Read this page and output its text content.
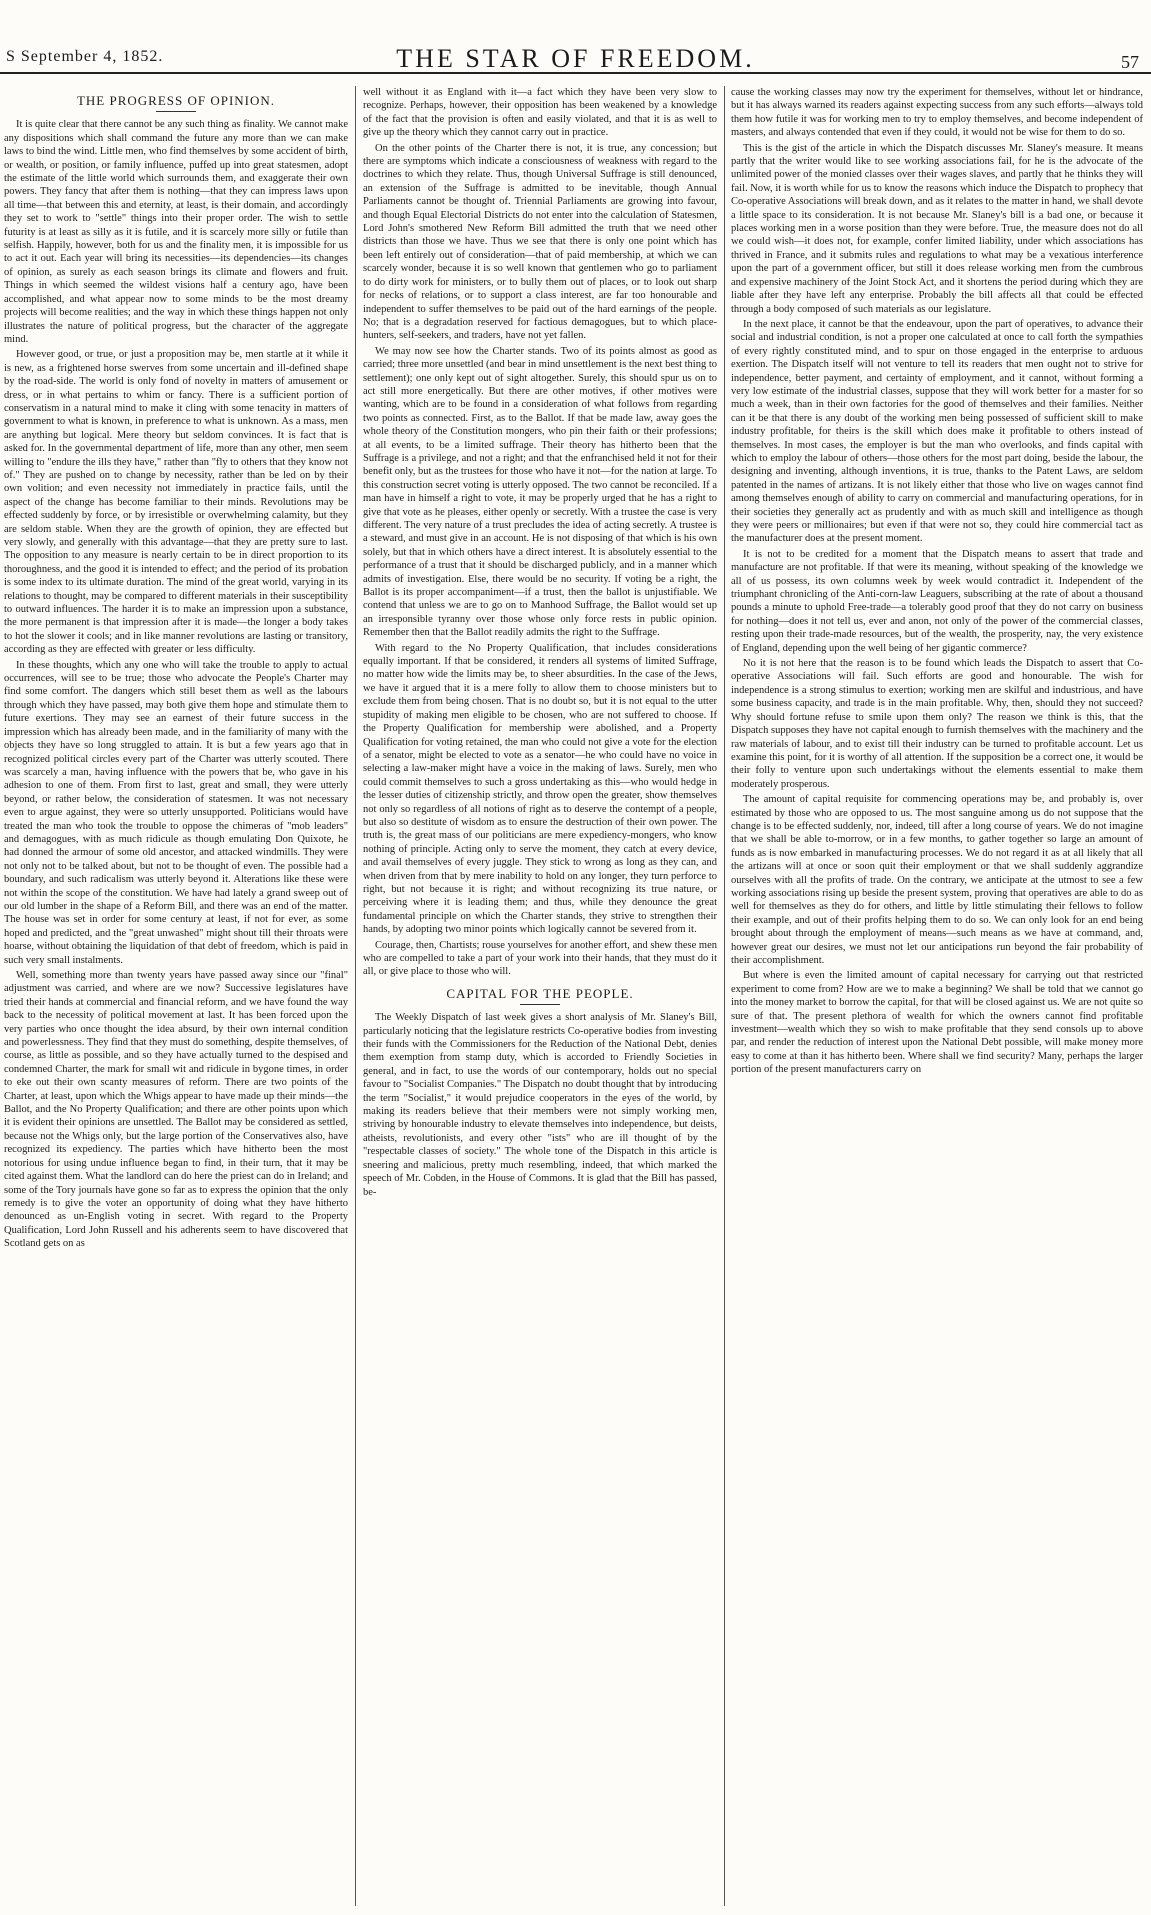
S September 4, 1852.	THE STAR OF FREEDOM.	57
THE PROGRESS OF OPINION.

It is quite clear that there cannot be any such thing as finality. We cannot make any dispositions which shall command the future any more than we can make laws to bind the wind. Little men, who find themselves by some accident of birth, or wealth, or position, or family influence, puffed up into great statesmen, adopt the estimate of the little world which surrounds them, and exaggerate their own powers. They fancy that after them is nothing—that they can impress laws upon all time—that between this and eternity, at least, is their domain, and accordingly they set to work to "settle" things into their proper order. The wish to settle futurity is at least as silly as it is futile, and it is scarcely more silly or futile than selfish. Happily, however, both for us and the finality men, it is impossible for us to act it out. Each year will bring its necessities—its dependencies—its changes of opinion, as surely as each season brings its climate and flowers and fruit. Things in which seemed the wildest visions half a century ago, have been accomplished, and what appear now to some minds to be the most dreamy projects will become realities; and the way in which these things happen not only illustrates the nature of political progress, but the character of the aggregate mind.

However good, or true, or just a proposition may be, men startle at it while it is new, as a frightened horse swerves from some uncertain and ill-defined shape by the road-side. The world is only fond of novelty in matters of amusement or dress, or in what pertains to whim or fancy. There is a sufficient portion of conservatism in a natural mind to make it cling with some tenacity in matters of government to what is known, in preference to what is unknown. As a mass, men are anything but logical. Mere theory but seldom convinces. It is fact that is asked for. In the governmental department of life, more than any other, men seem willing to "endure the ills they have," rather than "fly to others that they know not of." They are pushed on to change by necessity, rather than be led on by their own volition; and even necessity not immediately in practice fails, until the aspect of the change has become familiar to their minds. Revolutions may be effected suddenly by force, or by irresistible or overwhelming calamity, but they are seldom stable. When they are the growth of opinion, they are effected but very slowly, and generally with this advantage—that they are pretty sure to last. The opposition to any measure is nearly certain to be in direct proportion to its thoroughness, and the good it is intended to effect; and the period of its probation is some index to its ultimate duration. The mind of the great world, varying in its relations to thought, may be compared to different materials in their susceptibility to outward influences. The harder it is to make an impression upon a substance, the more permanent is that impression after it is made—the longer a body takes to hot the slower it cools; and in like manner revolutions are lasting or transitory, according as they are effected with greater or less difficulty.

In these thoughts, which any one who will take the trouble to apply to actual occurrences, will see to be true; those who advocate the People's Charter may find some comfort. The dangers which still beset them as well as the labours through which they have passed, may both give them hope and stimulate them to future exertions. They may see an earnest of their future success in the impression which has already been made, and in the familiarity of many with the objects they have so long struggled to attain. It is but a few years ago that in recognized political circles every part of the Charter was utterly scouted. There was scarcely a man, having influence with the powers that be, who gave in his adhesion to one of them. From first to last, great and small, they were utterly beyond, or rather below, the consideration of statesmen. It was not necessary even to argue against, they were so utterly unsupported. Politicians would have treated the man who took the trouble to oppose the chimeras of "mob leaders" and demagogues, with as much ridicule as though emulating Don Quixote, he had donned the armour of some old ancestor, and attacked windmills. They were not only not to be talked about, but not to be thought of even. The possible had a boundary, and such radicalism was utterly beyond it. Alterations like these were not within the scope of the constitution. We have had lately a grand sweep out of our old lumber in the shape of a Reform Bill, and there was an end of the matter. The house was set in order for some century at least, if not for ever, as some hoped and predicted, and the "great unwashed" might shout till their throats were hoarse, without obtaining the liquidation of that debt of freedom, which is paid in such very small instalments.

Well, something more than twenty years have passed away since our "final" adjustment was carried, and where are we now? Successive legislatures have tried their hands at commercial and financial reform, and we have found the way back to the necessity of political movement at last. It has been forced upon the very parties who once thought the idea absurd, by their own internal condition and powerlessness. They find that they must do something, despite themselves, of course, as little as possible, and so they have actually turned to the despised and condemned Charter, the mark for small wit and ridicule in bygone times, in order to eke out their own scanty measures of reform. There are two points of the Charter, at least, upon which the Whigs appear to have made up their minds—the Ballot, and the No Property Qualification; and there are other points upon which it is evident their opinions are unsettled. The Ballot may be considered as settled, because not the Whigs only, but the large portion of the Conservatives also, have recognized its expediency. The parties which have hitherto been the most notorious for using undue influence began to find, in their turn, that it may be cited against them. What the landlord can do here the priest can do in Ireland; and some of the Tory journals have gone so far as to express the opinion that the only remedy is to give the voter an opportunity of doing what they have hitherto denounced as un-English voting in secret. With regard to the Property Qualification, Lord John Russell and his adherents seem to have discovered that Scotland gets on as

well without it as England with it—a fact which they have been very slow to recognize. Perhaps, however, their opposition has been weakened by a knowledge of the fact that the provision is often and easily violated, and that it is as well to give up the theory which they cannot carry out in practice.

On the other points of the Charter there is not, it is true, any concession; but there are symptoms which indicate a consciousness of weakness with regard to the doctrines to which they relate. Thus, though Universal Suffrage is still denounced, an extension of the Suffrage is admitted to be inevitable, though Annual Parliaments cannot be thought of. Triennial Parliaments are growing into favour, and though Equal Electorial Districts do not enter into the calculation of Statesmen, Lord John's smothered New Reform Bill admitted the truth that we need other districts than those we have. Thus we see that there is only one point which has been left entirely out of consideration—that of paid membership, at which we can scarcely wonder, because it is so well known that gentlemen who go to parliament to do dirty work for ministers, or to bully them out of places, or to look out sharp for necks of relations, or to support a class interest, are far too honourable and independent to suffer themselves to be paid out of the hard earnings of the people. No; that is a degradation reserved for factious demagogues, but to which place-hunters, self-seekers, and traders, have not yet fallen.

We may now see how the Charter stands. Two of its points almost as good as carried; three more unsettled (and bear in mind unsettlement is the next best thing to settlement); one only kept out of sight altogether. Surely, this should spur us on to act still more energetically. But there are other motives, if other motives were wanting, which are to be found in a consideration of what follows from regarding two points as connected. First, as to the Ballot. If that be made law, away goes the whole theory of the Constitution mongers, who pin their faith or their professions; at all events, to be a limited suffrage. Their theory has hitherto been that the Suffrage is a privilege, and not a right; and that the enfranchised held it not for their benefit only, but as the trustees for those who have it not—for the nation at large. To this construction secret voting is utterly opposed. The two cannot be reconciled. If a man have in himself a right to vote, it may be properly urged that he has a right to give that vote as he pleases, either openly or secretly. With a trustee the case is very different. The very nature of a trust precludes the idea of acting secretly. A trustee is a steward, and must give in an account. He is not disposing of that which is his own solely, but that in which others have a direct interest. It is absolutely essential to the performance of a trust that it should be discharged publicly, and in a manner which admits of investigation. Else, there would be no security. If voting be a right, the Ballot is its proper accompaniment—if a trust, then the ballot is unjustifiable. We contend that unless we are to go on to Manhood Suffrage, the Ballot would set up an irresponsible tyranny over those whose only force rests in public opinion. Remember then that the Ballot readily admits the right to the Suffrage.

With regard to the No Property Qualification, that includes considerations equally important. If that be considered, it renders all systems of limited Suffrage, no matter how wide the limits may be, to sheer absurdities. In the case of the Jews, we have it argued that it is a mere folly to allow them to choose ministers but to exclude them from being chosen. That is no doubt so, but it is not equal to the utter stupidity of making men eligible to be chosen, who are not suffered to choose. If the Property Qualification for membership were abolished, and a Property Qualification for voting retained, the man who could not give a vote for the election of a senator, might be elected to vote as a senator—he who could have no voice in selecting a law-maker might have a voice in the making of laws. Surely, men who could commit themselves to such a gross undertaking as this—who would hedge in the lesser duties of citizenship strictly, and throw open the greater, show themselves not only so regardless of all notions of right as to deserve the contempt of a people, but also so destitute of wisdom as to ensure the destruction of their own power. The truth is, the great mass of our politicians are mere expediency-mongers, who know nothing of principle. Acting only to serve the moment, they catch at every device, and avail themselves of every juggle. They stick to wrong as long as they can, and when driven from that by mere inability to hold on any longer, they turn perforce to right, but not because it is right; and without recognizing its true nature, or perceiving where it is leading them; and thus, while they denounce the great fundamental principle on which the Charter stands, they strive to strengthen their hands, by adopting two minor points which logically cannot be severed from it.

Courage, then, Chartists; rouse yourselves for another effort, and shew these men who are compelled to take a part of your work into their hands, that they must do it all, or give place to those who will.

CAPITAL FOR THE PEOPLE.

The Weekly Dispatch of last week gives a short analysis of Mr. Slaney's Bill, particularly noticing that the legislature restricts Co-operative bodies from investing their funds with the Commissioners for the Reduction of the National Debt, denies them exemption from stamp duty, which is accorded to Friendly Societies in general, and in fact, to use the words of our contemporary, holds out no special favour to "Socialist Companies." The Dispatch no doubt thought that by introducing the term "Socialist," it would prejudice cooperators in the eyes of the world, by making its readers believe that their members were not simply working men, striving by honourable industry to elevate themselves into independence, but deists, atheists, revolutionists, and every other "ists" who are ill thought of by the "respectable classes of society." The whole tone of the Dispatch in this article is sneering and malicious, pretty much resembling, indeed, that which marked the speech of Mr. Cobden, in the House of Commons. It is glad that the Bill has passed, be-

cause the working classes may now try the experiment for themselves, without let or hindrance, but it has always warned its readers against expecting success from any such efforts—always told them how futile it was for working men to try to employ themselves, and become independent of masters, and always contended that even if they could, it would not be wise for them to do so.

This is the gist of the article in which the Dispatch discusses Mr. Slaney's measure. It means partly that the writer would like to see working associations fail, for he is the advocate of the unlimited power of the monied classes over their wages slaves, and partly that he thinks they will fail. Now, it is worth while for us to know the reasons which induce the Dispatch to prophecy that Co-operative Associations will break down, and as it relates to the matter in hand, we shall devote a little space to its consideration. It is not because Mr. Slaney's bill is a bad one, or because it places working men in a worse position than they were before. True, the measure does not do all we could wish—it does not, for example, confer limited liability, under which associations has thrived in France, and it submits rules and regulations to what may be a vexatious interference upon the part of a government officer, but still it does release working men from the cumbrous and expensive machinery of the Joint Stock Act, and it shortens the period during which they are liable after they have left any enterprise. Probably the bill affects all that could be effected through a body composed of such materials as our legislature.

In the next place, it cannot be that the endeavour, upon the part of operatives, to advance their social and industrial condition, is not a proper one calculated at once to call forth the sympathies of every rightly constituted mind, and to spur on those engaged in the enterprise to arduous exertion. The Dispatch itself will not venture to tell its readers that men ought not to strive for independence, better payment, and certainty of employment, and it cannot, without forming a very low estimate of the industrial classes, suppose that they will work better for a master for so much a week, than in their own factories for the good of themselves and their families. Neither can it be that there is any doubt of the working men being possessed of sufficient skill to make industry profitable, for theirs is the skill which does make it profitable to others instead of themselves. In most cases, the employer is but the man who overlooks, and finds capital with which to employ the labour of others—those others for the most part doing, beside the labour, the designing and inventing, although inventions, it is true, thanks to the Patent Laws, are seldom patented in the names of artizans. It is not likely either that those who live on wages cannot find among themselves enough of ability to carry on commercial and manufacturing operations, for in their societies they generally act as prudently and with as much skill and intelligence as though they were peers or millionaires; but even if that were not so, they could hire commercial tact as the manufacturer does at the present moment.

It is not to be credited for a moment that the Dispatch means to assert that trade and manufacture are not profitable. If that were its meaning, without speaking of the knowledge we all of us possess, its own columns week by week would contradict it. Independent of the triumphant chronicling of the Anti-corn-law Leaguers, subscribing at the rate of about a thousand pounds a minute to uphold Free-trade—a tolerably good proof that they do not carry on business for nothing—does it not tell us, ever and anon, not only of the power of the commercial classes, resting upon their trade-made resources, but of the wealth, the prosperity, nay, the very existence of England, depending upon the well being of her gigantic commerce?

No it is not here that the reason is to be found which leads the Dispatch to assert that Co-operative Associations will fail. Such efforts are good and honourable. The wish for independence is a strong stimulus to exertion; working men are skilful and industrious, and have some business capacity, and trade is in the main profitable. Why, then, should they not succeed? Why should fortune refuse to smile upon them only? The reason we think is this, that the Dispatch supposes they have not capital enough to furnish themselves with the machinery and the raw materials of labour, and to exist till their industry can be turned to profitable account. Let us examine this point, for it is worthy of all attention. If the supposition be a correct one, it would be their folly to venture upon such undertakings without the elements essential to make them moderately prosperous.

The amount of capital requisite for commencing operations may be, and probably is, over estimated by those who are opposed to us. The most sanguine among us do not suppose that the change is to be effected suddenly, nor, indeed, till after a long course of years. We do not imagine that we shall be able to-morrow, or in a few months, to gather together so large an amount of funds as is now embarked in manufacturing processes. We do not regard it as at all likely that all the artizans will at once or soon quit their employment or that we shall suddenly aggrandize ourselves with all the profits of trade. On the contrary, we anticipate at the utmost to see a few working associations rising up beside the present system, proving that operatives are able to do as well for themselves as they do for others, and little by little stimulating their fellows to follow their example, and out of their profits helping them to do so. We can only look for an end being brought about through the employment of means—such means as we have at command, and, however great our desires, we must not let our anticipations run beyond the fair probability of their accomplishment.

But where is even the limited amount of capital necessary for carrying out that restricted experiment to come from? How are we to make a beginning? We shall be told that we cannot go into the money market to borrow the capital, for that will be closed against us. We are not quite so sure of that. The present plethora of wealth for which the owners cannot find profitable investment—wealth which they so wish to make profitable that they send consols up to above par, and render the reduction of interest upon the National Debt possible, will make money more easy to come at than it has hitherto been. Where shall we find security? Many, perhaps the larger portion of the present manufacturers carry on
